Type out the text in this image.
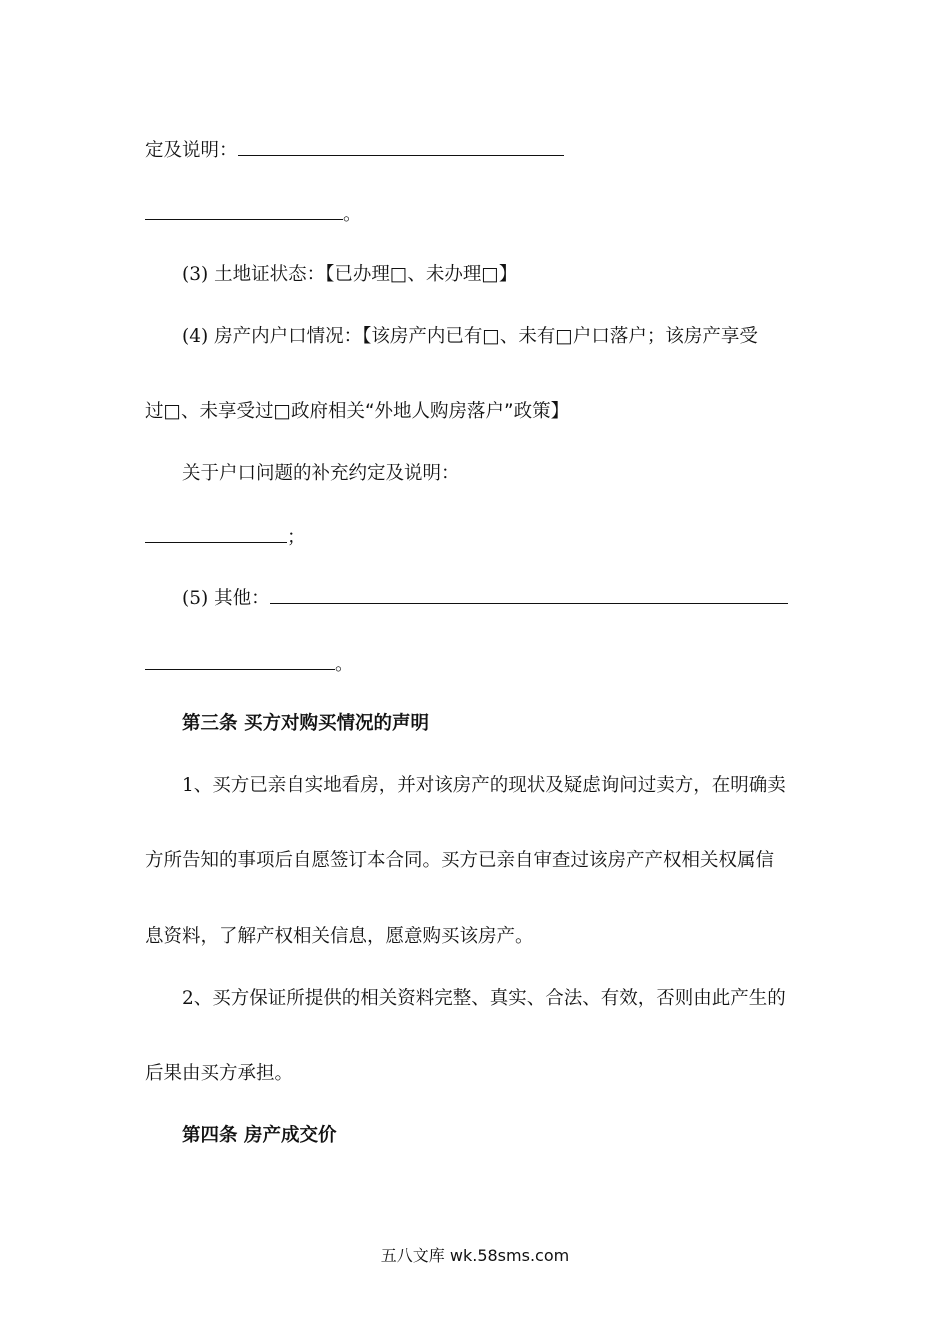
定及说明：
。
(3) 土地证状态：【已办理□、未办理□】
(4) 房产内户口情况：【该房产内已有□、未有□户口落户；该房产享受
过□、未享受过□政府相关“外地人购房落户”政策】
关于户口问题的补充约定及说明：
；
(5) 其他：
。
第三条 买方对购买情况的声明
1、买方已亲自实地看房，并对该房产的现状及疑虑询问过卖方，在明确卖
方所告知的事项后自愿签订本合同。买方已亲自审查过该房产产权相关权属信
息资料，了解产权相关信息，愿意购买该房产。
2、买方保证所提供的相关资料完整、真实、合法、有效，否则由此产生的
后果由买方承担。
第四条 房产成交价
五八文库 wk.58sms.com
